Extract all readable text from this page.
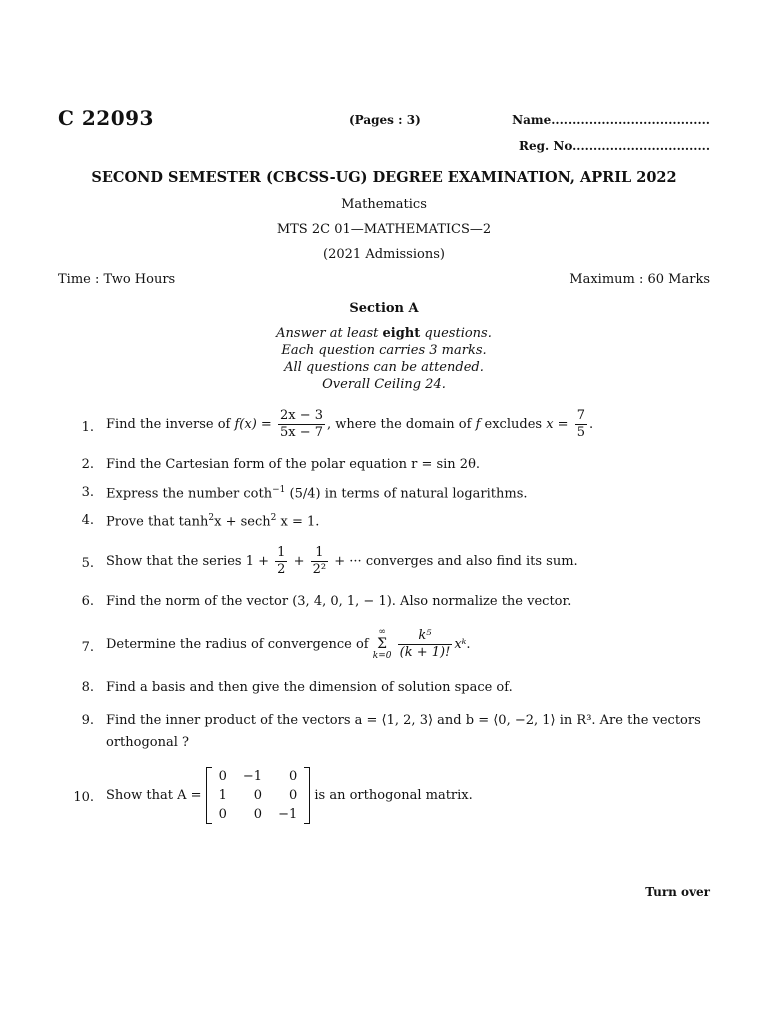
C 22093	(Pages : 3)	Name......................................
Reg. No.................................
SECOND SEMESTER (CBCSS-UG) DEGREE EXAMINATION, APRIL 2022
Mathematics
MTS 2C 01—MATHEMATICS—2
(2021 Admissions)
Time : Two Hours	Maximum : 60 Marks
Section A
Answer at least eight questions.
Each question carries 3 marks.
All questions can be attended.
Overall Ceiling 24.
1. Find the inverse of $f(x) = \frac{2x - 3}{5x - 7}$ , where the domain of f excludes $x = \frac{7}{5}$ .
2. Find the Cartesian form of the polar equation r = sin 2θ.
3. Express the number coth$^{-1}$ (5/4) in terms of natural logarithms.
4. Prove that $\tanh^2x + \sec h^2$ x = 1.
5. Show that the series $1 + \frac{1}{2} + \frac{1}{\text{2²}}$ + ··· converges and also find its sum.
6. Find the norm of the vector (3, 4, 0, 1, − 1). Also normalize the vector.
7. Determine the radius of convergence of
∞
Σ
k=0
$\frac{\text{k⁵}}{(k + 1)!}$ xᵏ.
8. Find a basis and then give the dimension of solution space of.
9. Find the inner product of the vectors a = ⟨1, 2, 3⟩ and b = ⟨0, −2, 1⟩ in R³. Are the vectors
orthogonal ?
10. Show that A =
0	−1	0
1	0	0
0	0	−1
is an orthogonal matrix.
Turn over
